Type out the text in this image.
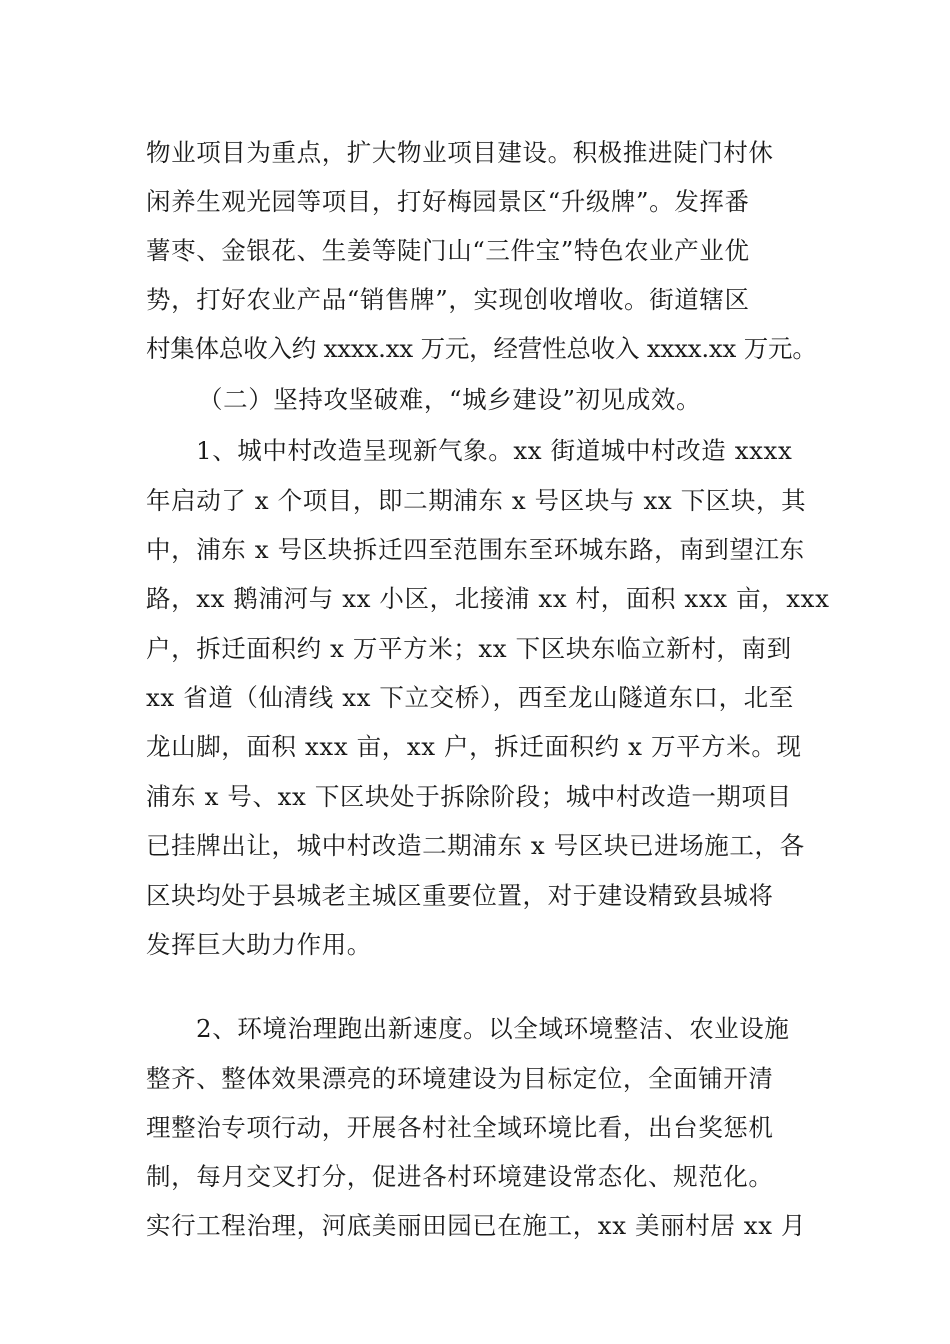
物业项目为重点，扩大物业项目建设。积极推进陡门村休
闲养生观光园等项目，打好梅园景区“升级牌”。发挥番
薯枣、金银花、生姜等陡门山“三件宝”特色农业产业优
势，打好农业产品“销售牌”，实现创收增收。街道辖区
村集体总收入约 xxxx.xx 万元，经营性总收入 xxxx.xx 万元。
（二）坚持攻坚破难，“城乡建设”初见成效。
1、城中村改造呈现新气象。xx 街道城中村改造 xxxx
年启动了 x 个项目，即二期浦东 x 号区块与 xx 下区块，其
中，浦东 x 号区块拆迁四至范围东至环城东路，南到望江东
路，xx 鹅浦河与 xx 小区，北接浦 xx 村，面积 xxx 亩，xxx
户，拆迁面积约 x 万平方米；xx 下区块东临立新村，南到
xx 省道（仙清线 xx 下立交桥），西至龙山隧道东口，北至
龙山脚，面积 xxx 亩，xx 户，拆迁面积约 x 万平方米。现
浦东 x 号、xx 下区块处于拆除阶段；城中村改造一期项目
已挂牌出让，城中村改造二期浦东 x 号区块已进场施工，各
区块均处于县城老主城区重要位置，对于建设精致县城将
发挥巨大助力作用。
2、环境治理跑出新速度。以全域环境整洁、农业设施
整齐、整体效果漂亮的环境建设为目标定位，全面铺开清
理整治专项行动，开展各村社全域环境比看，出台奖惩机
制，每月交叉打分，促进各村环境建设常态化、规范化。
实行工程治理，河底美丽田园已在施工，xx 美丽村居 xx 月
